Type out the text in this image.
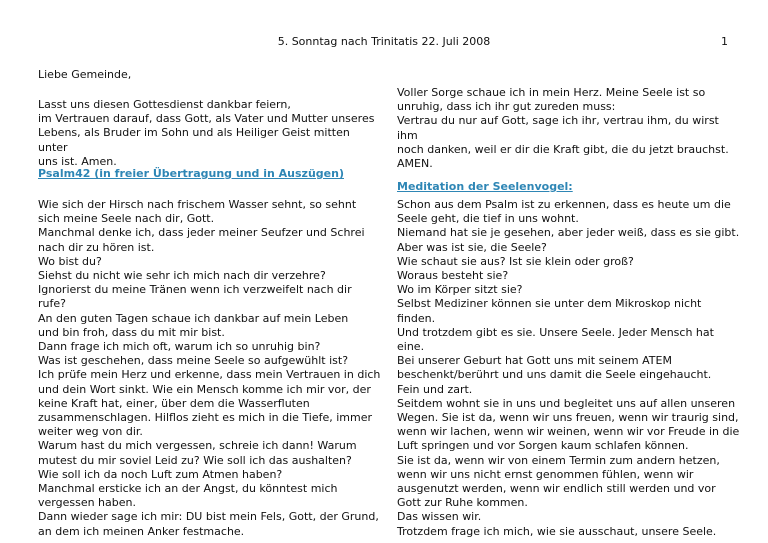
5. Sonntag nach Trinitatis 22. Juli 2008	1

Liebe Gemeinde,

Lasst uns diesen Gottesdienst dankbar feiern,

im Vertrauen darauf, dass Gott, als Vater und Mutter unseres

Lebens, als Bruder im Sohn und als Heiliger Geist mitten unter

uns ist. Amen.

Psalm42 (in freier Übertragung und in Auszügen)

Wie sich der Hirsch nach frischem Wasser sehnt, so sehnt

sich meine Seele nach dir, Gott.

Manchmal denke ich, dass jeder meiner Seufzer und Schrei

nach dir zu hören ist.

Wo bist du?

Siehst du nicht wie sehr ich mich nach dir verzehre?

Ignorierst du meine Tränen wenn ich verzweifelt nach dir rufe?

An den guten Tagen schaue ich dankbar auf mein Leben

und bin froh, dass du mit mir bist.

Dann frage ich mich oft, warum ich so unruhig bin?

Was ist geschehen, dass meine Seele so aufgewühlt ist?

Ich prüfe mein Herz und erkenne, dass mein Vertrauen in dich

und dein Wort sinkt. Wie ein Mensch komme ich mir vor, der

keine Kraft hat, einer, über dem die Wasserfluten

zusammenschlagen. Hilflos zieht es mich in die Tiefe, immer

weiter weg von dir.

Warum hast du mich vergessen, schreie ich dann! Warum

mutest du mir soviel Leid zu? Wie soll ich das aushalten?

Wie soll ich da noch Luft zum Atmen haben?

Manchmal ersticke ich an der Angst, du könntest mich

vergessen haben.

Dann wieder sage ich mir: DU bist mein Fels, Gott, der Grund,

an dem ich meinen Anker festmache.

Voller Sorge schaue ich in mein Herz. Meine Seele ist so

unruhig, dass ich ihr gut zureden muss:

Vertrau du nur auf Gott, sage ich ihr, vertrau ihm, du wirst ihm

noch danken, weil er dir die Kraft gibt, die du jetzt brauchst.

AMEN.

Meditation der Seelenvogel:

Schon aus dem Psalm ist zu erkennen, dass es heute um die

Seele geht, die tief in uns wohnt.

Niemand hat sie je gesehen, aber jeder weiß, dass es sie gibt.

Aber was ist sie, die Seele?

Wie schaut sie aus? Ist sie klein oder groß?

Woraus besteht sie?

Wo im Körper sitzt sie?

Selbst Mediziner können sie unter dem Mikroskop nicht finden.

Und trotzdem gibt es sie. Unsere Seele. Jeder Mensch hat

eine.

Bei unserer Geburt hat Gott uns mit seinem ATEM

beschenkt/berührt und uns damit die Seele eingehaucht.

Fein und zart.

Seitdem wohnt sie in uns und begleitet uns auf allen unseren

Wegen. Sie ist da, wenn wir uns freuen, wenn wir traurig sind,

wenn wir lachen, wenn wir weinen, wenn wir vor Freude in die

Luft springen und vor Sorgen kaum schlafen können.

Sie ist da, wenn wir von einem Termin zum andern hetzen,

wenn wir uns nicht ernst genommen fühlen, wenn wir

ausgenutzt werden, wenn wir endlich still werden und vor

Gott zur Ruhe kommen.

Das wissen wir.

Trotzdem frage ich mich, wie sie ausschaut, unsere Seele.
